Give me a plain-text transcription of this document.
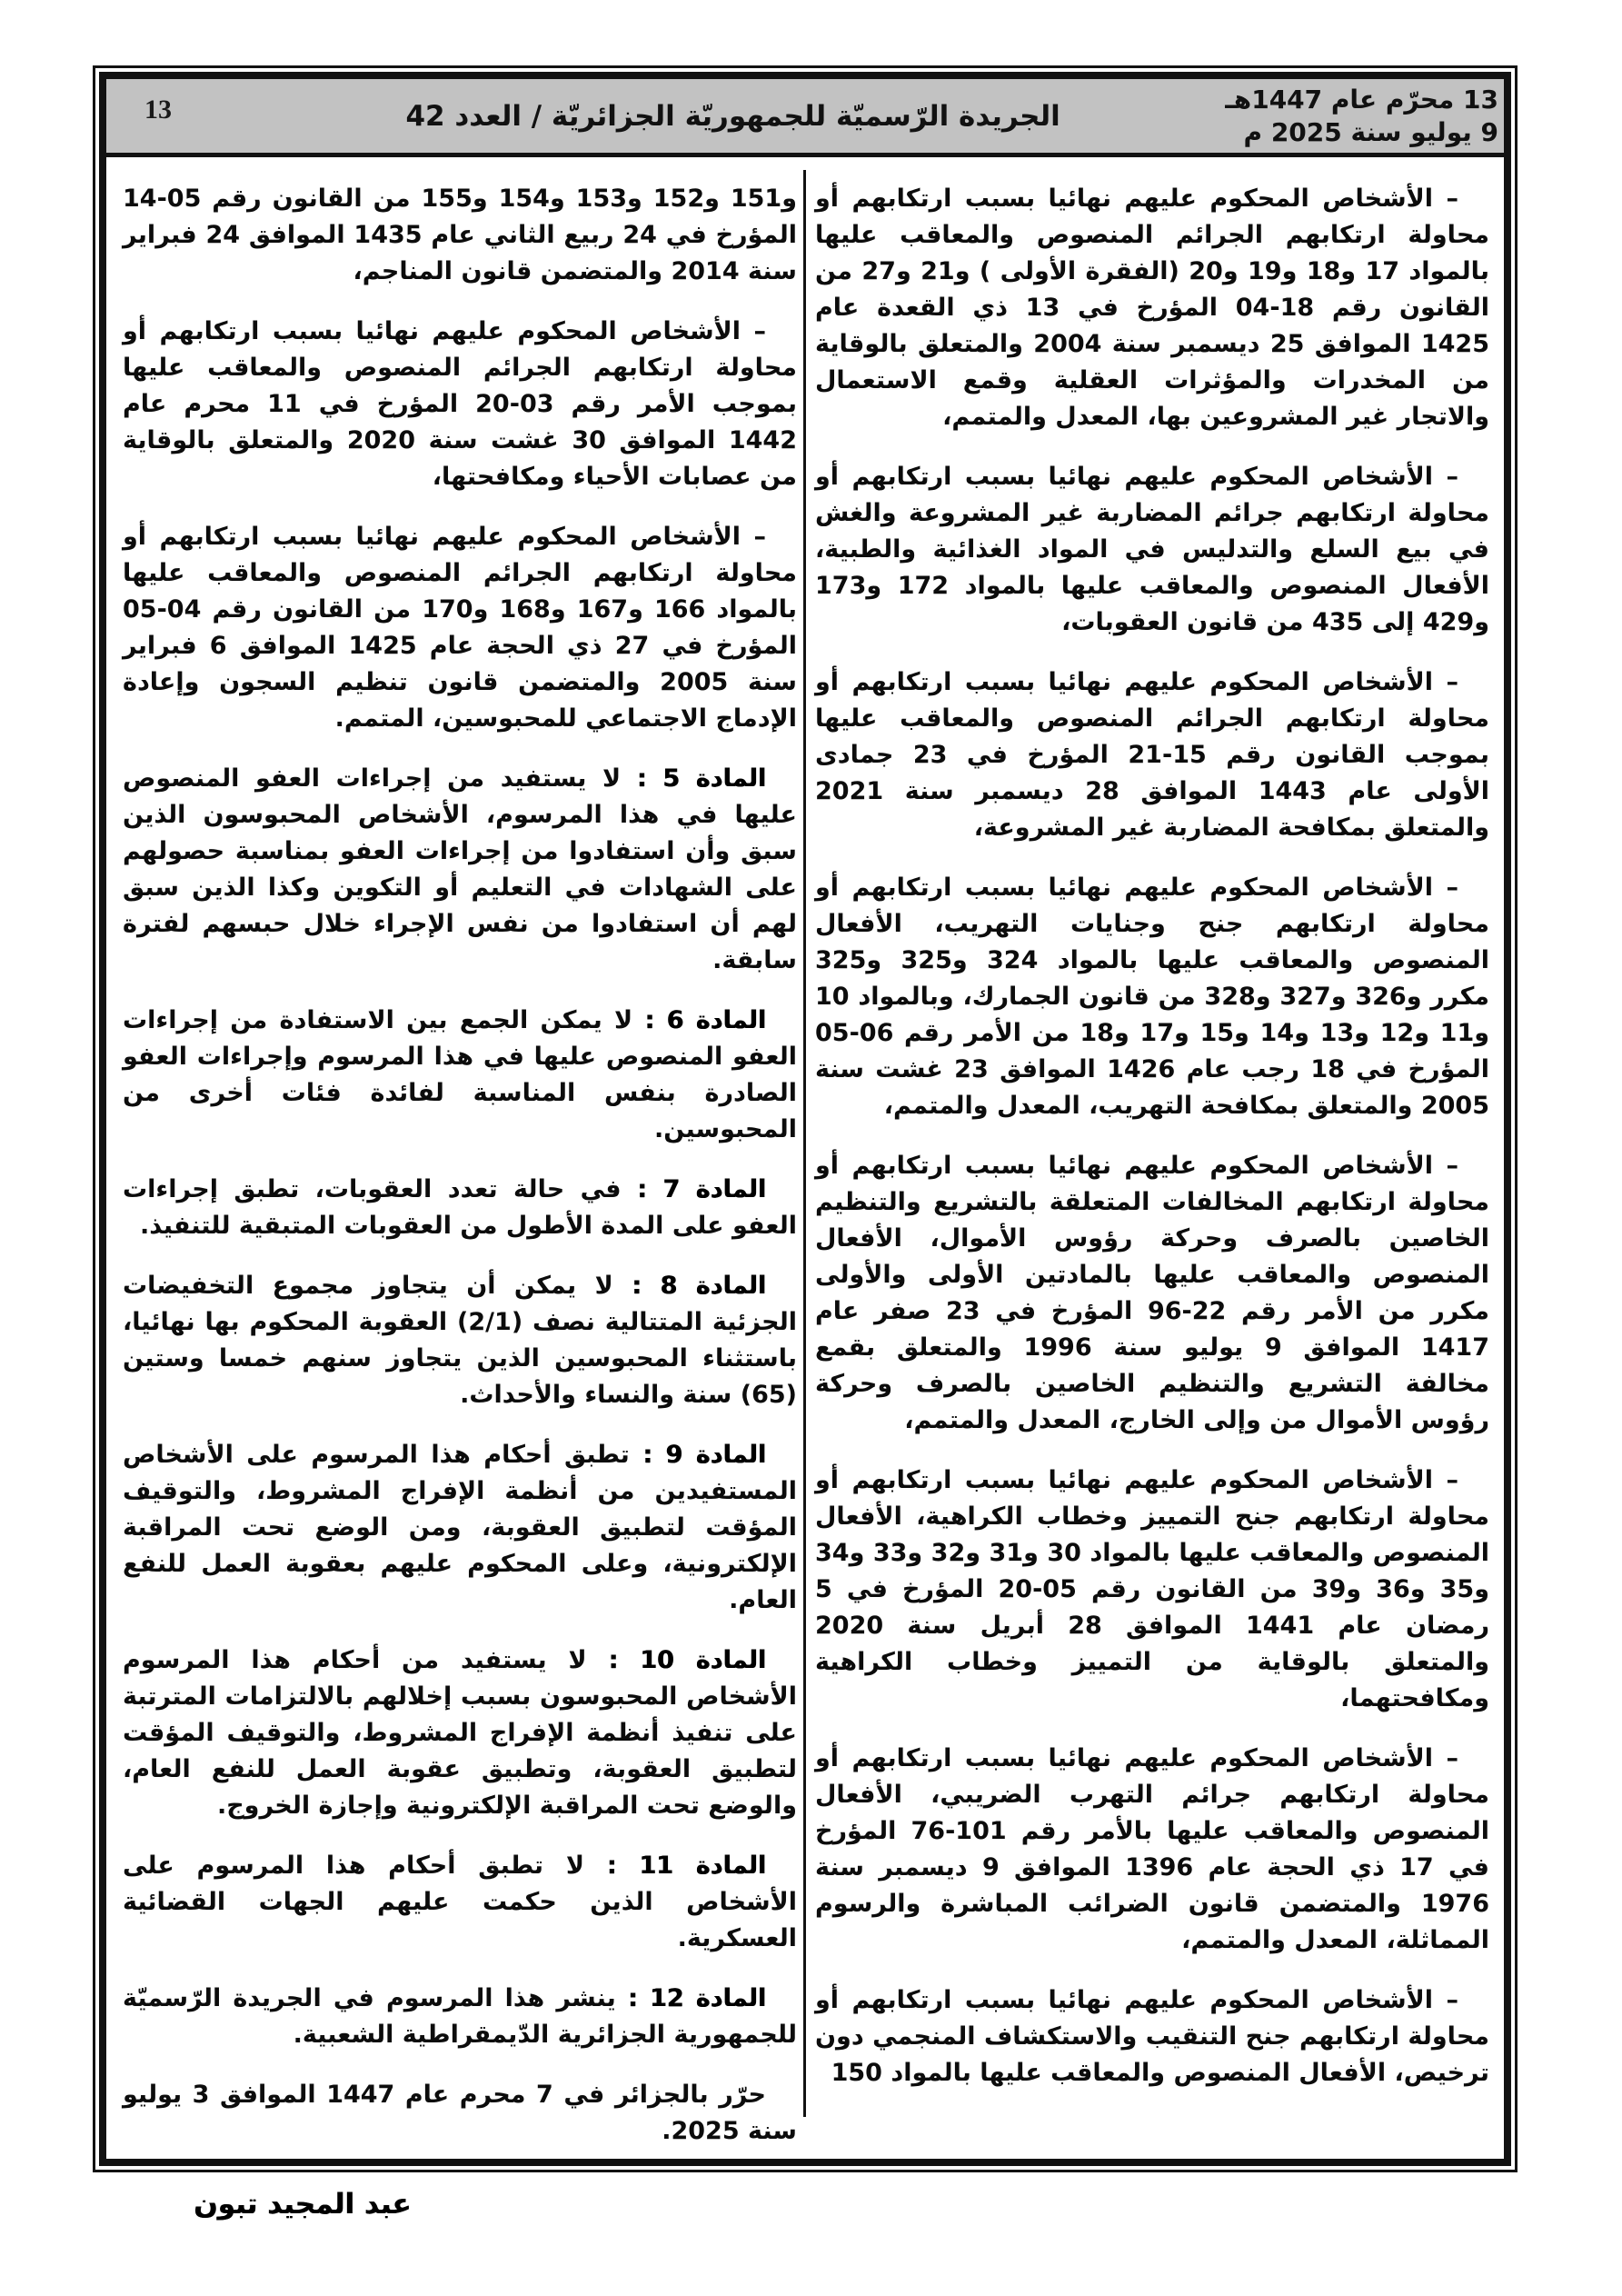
13	الجريدة الرّسميّة للجمهوريّة الجزائريّة / العدد 42
13 محرّم عام 1447هـ
9 يوليو سنة 2025 م

– الأشخاص المحكوم عليهم نهائيا بسبب ارتكابهم أو محاولة ارتكابهم الجرائم المنصوص والمعاقب عليها بالمواد 17 و18 و19 و20 (الفقرة الأولى ) و21 و27 من القانون رقم 18-04 المؤرخ في 13 ذي القعدة عام 1425 الموافق 25 ديسمبر سنة 2004 والمتعلق بالوقاية من المخدرات والمؤثرات العقلية وقمع الاستعمال والاتجار غير المشروعين بها، المعدل والمتمم،

– الأشخاص المحكوم عليهم نهائيا بسبب ارتكابهم أو محاولة ارتكابهم جرائم المضاربة غير المشروعة والغش في بيع السلع والتدليس في المواد الغذائية والطبية، الأفعال المنصوص والمعاقب عليها بالمواد 172 و173 و429 إلى 435 من قانون العقوبات،

– الأشخاص المحكوم عليهم نهائيا بسبب ارتكابهم أو محاولة ارتكابهم الجرائم المنصوص والمعاقب عليها بموجب القانون رقم 15-21 المؤرخ في 23 جمادى الأولى عام 1443 الموافق 28 ديسمبر سنة 2021 والمتعلق بمكافحة المضاربة غير المشروعة،

– الأشخاص المحكوم عليهم نهائيا بسبب ارتكابهم أو محاولة ارتكابهم جنح وجنايات التهريب، الأفعال المنصوص والمعاقب عليها بالمواد 324 و325 و325 مكرر و326 و327 و328 من قانون الجمارك، وبالمواد 10 و11 و12 و13 و14 و15 و17 و18 من الأمر رقم 06-05 المؤرخ في 18 رجب عام 1426 الموافق 23 غشت سنة 2005 والمتعلق بمكافحة التهريب، المعدل والمتمم،

– الأشخاص المحكوم عليهم نهائيا بسبب ارتكابهم أو محاولة ارتكابهم المخالفات المتعلقة بالتشريع والتنظيم الخاصين بالصرف وحركة رؤوس الأموال، الأفعال المنصوص والمعاقب عليها بالمادتين الأولى والأولى مكرر من الأمر رقم 22-96 المؤرخ في 23 صفر عام 1417 الموافق 9 يوليو سنة 1996 والمتعلق بقمع مخالفة التشريع والتنظيم الخاصين بالصرف وحركة رؤوس الأموال من وإلى الخارج، المعدل والمتمم،

– الأشخاص المحكوم عليهم نهائيا بسبب ارتكابهم أو محاولة ارتكابهم جنح التمييز وخطاب الكراهية، الأفعال المنصوص والمعاقب عليها بالمواد 30 و31 و32 و33 و34 و35 و36 و39 من القانون رقم 05-20 المؤرخ في 5 رمضان عام 1441 الموافق 28 أبريل سنة 2020 والمتعلق بالوقاية من التمييز وخطاب الكراهية ومكافحتهما،

– الأشخاص المحكوم عليهم نهائيا بسبب ارتكابهم أو محاولة ارتكابهم جرائم التهرب الضريبي، الأفعال المنصوص والمعاقب عليها بالأمر رقم 101-76 المؤرخ في 17 ذي الحجة عام 1396 الموافق 9 ديسمبر سنة 1976 والمتضمن قانون الضرائب المباشرة والرسوم المماثلة، المعدل والمتمم،

– الأشخاص المحكوم عليهم نهائيا بسبب ارتكابهم أو محاولة ارتكابهم جنح التنقيب والاستكشاف المنجمي دون ترخيص، الأفعال المنصوص والمعاقب عليها بالمواد 150

و151 و152 و153 و154 و155 من القانون رقم 05-14 المؤرخ في 24 ربيع الثاني عام 1435 الموافق 24 فبراير سنة 2014 والمتضمن قانون المناجم،

– الأشخاص المحكوم عليهم نهائيا بسبب ارتكابهم أو محاولة ارتكابهم الجرائم المنصوص والمعاقب عليها بموجب الأمر رقم 03-20 المؤرخ في 11 محرم عام 1442 الموافق 30 غشت سنة 2020 والمتعلق بالوقاية من عصابات الأحياء ومكافحتها،

– الأشخاص المحكوم عليهم نهائيا بسبب ارتكابهم أو محاولة ارتكابهم الجرائم المنصوص والمعاقب عليها بالمواد 166 و167 و168 و170 من القانون رقم 04-05 المؤرخ في 27 ذي الحجة عام 1425 الموافق 6 فبراير سنة 2005 والمتضمن قانون تنظيم السجون وإعادة الإدماج الاجتماعي للمحبوسين، المتمم.

المادة 5 : لا يستفيد من إجراءات العفو المنصوص عليها في هذا المرسوم، الأشخاص المحبوسون الذين سبق وأن استفادوا من إجراءات العفو بمناسبة حصولهم على الشهادات في التعليم أو التكوين وكذا الذين سبق لهم أن استفادوا من نفس الإجراء خلال حبسهم لفترة سابقة.

المادة 6 : لا يمكن الجمع بين الاستفادة من إجراءات العفو المنصوص عليها في هذا المرسوم وإجراءات العفو الصادرة بنفس المناسبة لفائدة فئات أخرى من المحبوسين.

المادة 7 : في حالة تعدد العقوبات، تطبق إجراءات العفو على المدة الأطول من العقوبات المتبقية للتنفيذ.

المادة 8 : لا يمكن أن يتجاوز مجموع التخفيضات الجزئية المتتالية نصف (2/1) العقوبة المحكوم بها نهائيا، باستثناء المحبوسين الذين يتجاوز سنهم خمسا وستين (65) سنة والنساء والأحداث.

المادة 9 : تطبق أحكام هذا المرسوم على الأشخاص المستفيدين من أنظمة الإفراج المشروط، والتوقيف المؤقت لتطبيق العقوبة، ومن الوضع تحت المراقبة الإلكترونية، وعلى المحكوم عليهم بعقوبة العمل للنفع العام.

المادة 10 : لا يستفيد من أحكام هذا المرسوم الأشخاص المحبوسون بسبب إخلالهم بالالتزامات المترتبة على تنفيذ أنظمة الإفراج المشروط، والتوقيف المؤقت لتطبيق العقوبة، وتطبيق عقوبة العمل للنفع العام، والوضع تحت المراقبة الإلكترونية وإجازة الخروج.

المادة 11 : لا تطبق أحكام هذا المرسوم على الأشخاص الذين حكمت عليهم الجهات القضائية العسكرية.

المادة 12 : ينشر هذا المرسوم في الجريدة الرّسميّة للجمهورية الجزائرية الدّيمقراطية الشعبية.

حرّر بالجزائر في 7 محرم عام 1447 الموافق 3 يوليو سنة 2025.

عبد المجيد تبون
